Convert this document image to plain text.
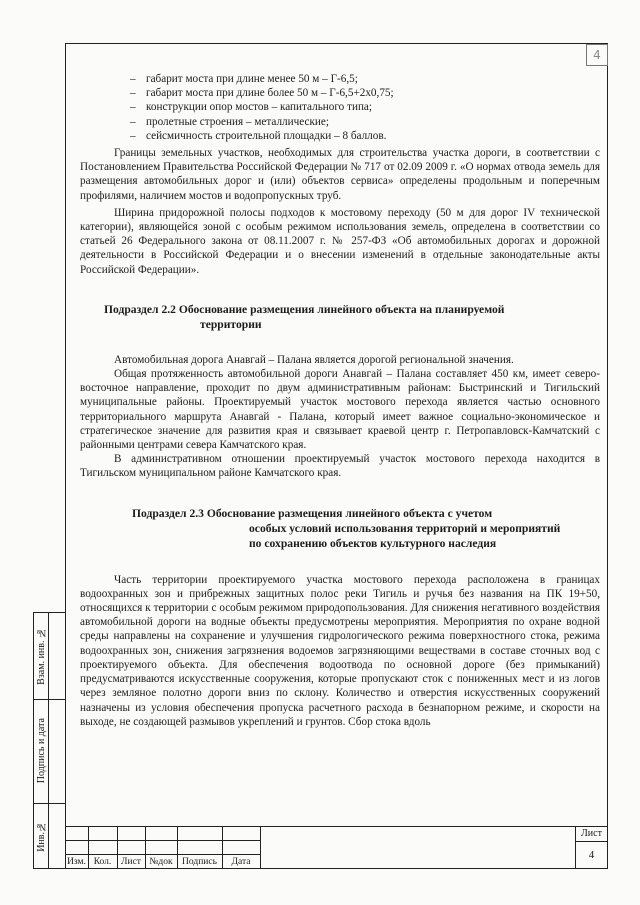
4
– габарит моста при длине менее 50 м – Г-6,5;
– габарит моста при длине более 50 м – Г-6,5+2х0,75;
– конструкции опор мостов – капитального типа;
– пролетные строения – металлические;
– сейсмичность строительной площадки – 8 баллов.

Границы земельных участков, необходимых для строительства участка дороги, в соответствии с Постановлением Правительства Российской Федерации № 717 от 02.09 2009 г. «О нормах отвода земель для размещения автомобильных дорог и (или) объектов сервиса» определены продольным и поперечным профилями, наличием мостов и водопропускных труб.

Ширина придорожной полосы подходов к мостовому переходу (50 м для дорог IV технической категории), являющейся зоной с особым режимом использования земель, определена в соответствии со статьей 26 Федерального закона от 08.11.2007 г. № 257-ФЗ «Об автомобильных дорогах и дорожной деятельности в Российской Федерации и о внесении изменений в отдельные законодательные акты Российской Федерации».

Подраздел 2.2 Обоснование размещения линейного объекта на планируемой
территории

Автомобильная дорога Анавгай – Палана является дорогой региональной значения.

Общая протяженность автомобильной дороги Анавгай – Палана составляет 450 км, имеет северо-восточное направление, проходит по двум административным районам: Быстринский и Тигильский муниципальные районы. Проектируемый участок мостового перехода является частью основного территориального маршрута Анавгай - Палана, который имеет важное социально-экономическое и стратегическое значение для развития края и связывает краевой центр г. Петропавловск-Камчатский с районными центрами севера Камчатского края.

В административном отношении проектируемый участок мостового перехода находится в Тигильском муниципальном районе Камчатского края.

Подраздел 2.3 Обоснование размещения линейного объекта с учетом
особых условий использования территорий и мероприятий
по сохранению объектов культурного наследия

Часть территории проектируемого участка мостового перехода расположена в границах водоохранных зон и прибрежных защитных полос реки Тигиль и ручья без названия на ПК 19+50, относящихся к территории с особым режимом природопользования. Для снижения негативного воздействия автомобильной дороги на водные объекты предусмотрены мероприятия. Мероприятия по охране водной среды направлены на сохранение и улучшения гидрологического режима поверхностного стока, режима водоохранных зон, снижения загрязнения водоемов загрязняющими веществами в составе сточных вод с проектируемого объекта. Для обеспечения водоотвода по основной дороге (без примыканий) предусматриваются искусственные сооружения, которые пропускают сток с пониженных мест и из логов через земляное полотно дороги вниз по склону. Количество и отверстия искусственных сооружений назначены из условия обеспечения пропуска расчетного расхода в безнапорном режиме, и скорости на выходе, не создающей размывов укреплений и грунтов. Сбор стока вдоль

Взам. инв. №
Подпись и дата
Инв.№
Изм. Кол.	Лист №док Подпись	Дата
Лист
4
